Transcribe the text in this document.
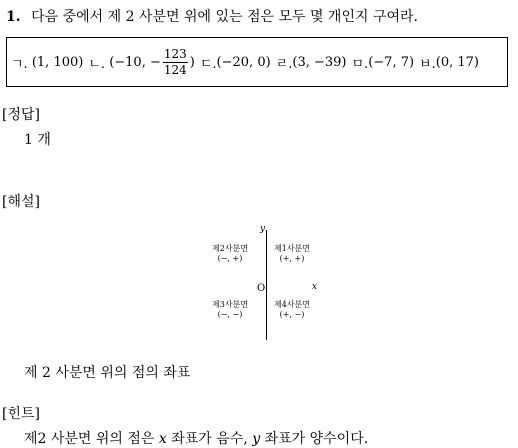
1. 다음 중에서 제 2 사분면 위에 있는 점은 모두 몇 개인지 구여라.
ㄱ.
(1, 100) ㄴ.
(−10, − $\frac{123}{124}$ ) ㄷ. (−20, 0) ㄹ. (3, −39) ㅁ. (−7, 7) ㅂ. (0, 17)
[정답]
1 개
[해설]
y
제2사분면
(−, +)
제1사분면
(+, +)
O	x
제3사분면
(−, −)
제4사분면
(+, −)
제 2 사분면 위의 점의 좌표
[힌트]
제2 사분면 위의 점은 x 좌표가 음수, y 좌표가 양수이다.
